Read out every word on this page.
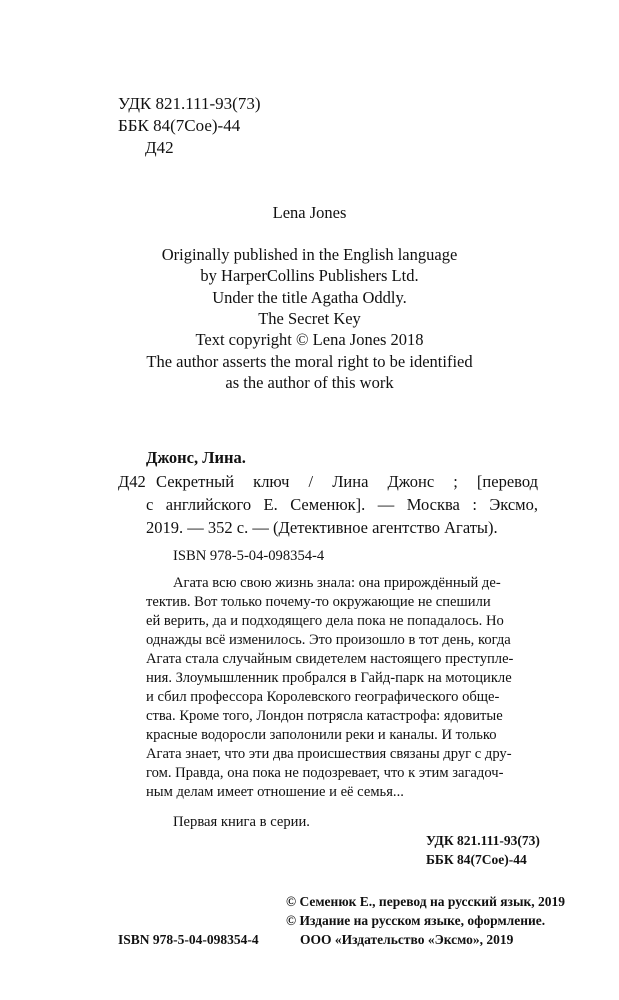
УДК 821.111-93(73)
ББК 84(7Сое)-44
Д42
Lena Jones
Originally published in the English language
by HarperCollins Publishers Ltd.
Under the title Agatha Oddly.
The Secret Key
Text copyright © Lena Jones 2018
The author asserts the moral right to be identified
as the author of this work
Джонс, Лина.
Д42 Секретный ключ / Лина Джонс ; [перевод
с английского Е. Семенюк]. — Москва : Эксмо,
2019. — 352 с. — (Детективное агентство Агаты).
ISBN 978-5-04-098354-4
Агата всю свою жизнь знала: она прирождённый де-
тектив. Вот только почему-то окружающие не спешили
ей верить, да и подходящего дела пока не попадалось. Но
однажды всё изменилось. Это произошло в тот день, когда
Агата стала случайным свидетелем настоящего преступле-
ния. Злоумышленник пробрался в Гайд-парк на мотоцикле
и сбил профессора Королевского географического обще-
ства. Кроме того, Лондон потрясла катастрофа: ядовитые
красные водоросли заполонили реки и каналы. И только
Агата знает, что эти два происшествия связаны друг с дру-
гом. Правда, она пока не подозревает, что к этим загадоч-
ным делам имеет отношение и её семья...
Первая книга в серии.
УДК 821.111-93(73)
ББК 84(7Сое)-44
© Семенюк Е., перевод на русский язык, 2019
© Издание на русском языке, оформление.
ISBN 978-5-04-098354-4	ООО «Издательство «Эксмо», 2019
